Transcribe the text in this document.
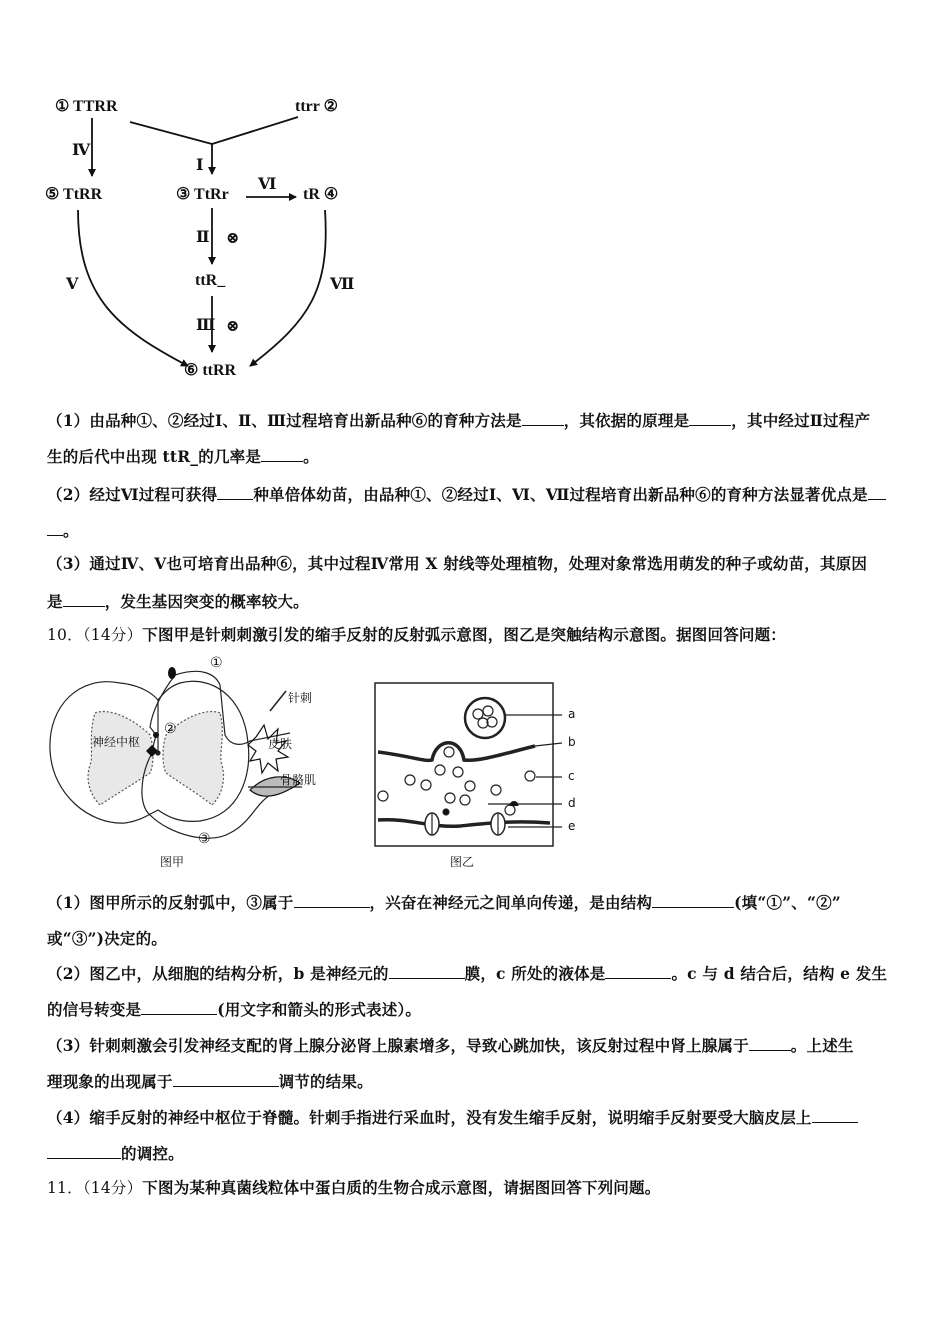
① TTRR	ttrr ②
⑤ TtRR	③ TtRr	tR ④
ttR_
⑥ ttRR
Ⅳ
Ⅰ
Ⅱ ⊗
Ⅲ ⊗
Ⅵ
Ⅴ	Ⅶ
（1）由品种①、②经过Ⅰ、Ⅱ、Ⅲ过程培育出新品种⑥的育种方法是	，其依据的原理是	，其中经过Ⅱ过程产
生的后代中出现 ttR_的几率是	。
（2）经过Ⅵ过程可获得 种单倍体幼苗，由品种①、②经过Ⅰ、Ⅵ、Ⅶ过程培育出新品种⑥的育种方法显著优点是
。
（3）通过Ⅳ、Ⅴ也可培育出品种⑥，其中过程Ⅳ常用 X 射线等处理植物，处理对象常选用萌发的种子或幼苗，其原因
是	，发生基因突变的概率较大。
10．（14分）下图甲是针刺刺激引发的缩手反射的反射弧示意图，图乙是突触结构示意图。据图回答问题：
神经中枢
①
②
③
针刺
皮肤
骨骼肌
图甲
a
b
c
d
e
图乙
（1）图甲所示的反射弧中，③属于	，兴奋在神经元之间单向传递，是由结构	(填“①”、“②”
或“③”)决定的。
（2）图乙中，从细胞的结构分析，b 是神经元的	膜，c 所处的液体是	。c 与 d 结合后，结构 e 发生
的信号转变是	(用文字和箭头的形式表述）。
（3）针刺刺激会引发神经支配的肾上腺分泌肾上腺素增多，导致心跳加快，该反射过程中肾上腺属于	。上述生
理现象的出现属于	调节的结果。
（4）缩手反射的神经中枢位于脊髓。针刺手指进行采血时，没有发生缩手反射，说明缩手反射要受大脑皮层上
的调控。
11．（14分）下图为某种真菌线粒体中蛋白质的生物合成示意图，请据图回答下列问题。
